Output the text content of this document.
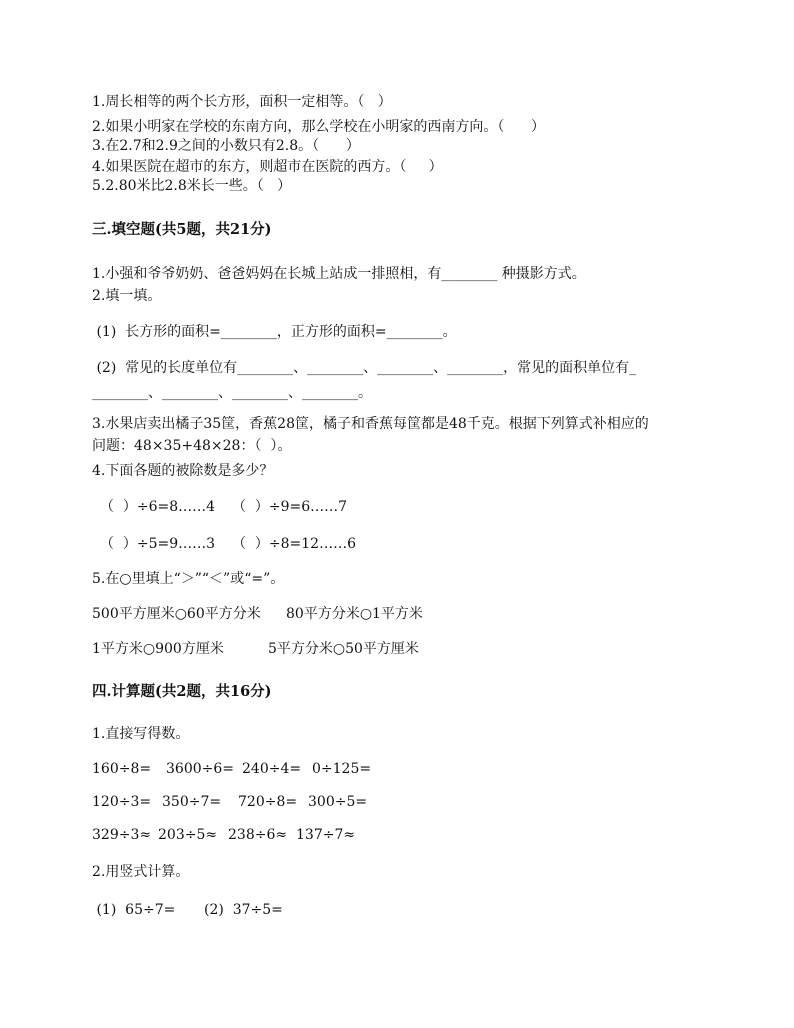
1.周长相等的两个长方形，面积一定相等。（   ）
2.如果小明家在学校的东南方向，那么学校在小明家的西南方向。（      ）
3.在2.7和2.9之间的小数只有2.8。（      ）
4.如果医院在超市的东方，则超市在医院的西方。（     ）
5.2.80米比2.8米长一些。（   ）
三.填空题(共5题，共21分)
1.小强和爷爷奶奶、爸爸妈妈在长城上站成一排照相，有________ 种摄影方式。
2.填一填。
(1)  长方形的面积=________，正方形的面积=________。
(2)  常见的长度单位有________、________、________、________，常见的面积单位有_
________、________、________、________。
3.水果店卖出橘子35筐，香蕉28筐，橘子和香蕉每筐都是48千克。根据下列算式补相应的
问题：48×35+48×28：（  ）。
4.下面各题的被除数是多少？

（  ）÷6=8……4

（  ）÷9=6……7

（  ）÷5=9……3

（  ）÷8=12……6

5.在○里填上“＞”“＜”或“=”。

500平方厘米○60平方分米

80平方分米○1平方米

1平方米○900方厘米

	5平方分米○50平方厘米

四.计算题(共2题，共16分)
1.直接写得数。

160÷8=

3600÷6=

240÷4=

0÷125=

120÷3=

350÷7=

720÷8=

300÷5=

329÷3≈

203÷5≈

238÷6≈

137÷7≈

2.用竖式计算。

(1)  65÷7=

(2)  37÷5=
